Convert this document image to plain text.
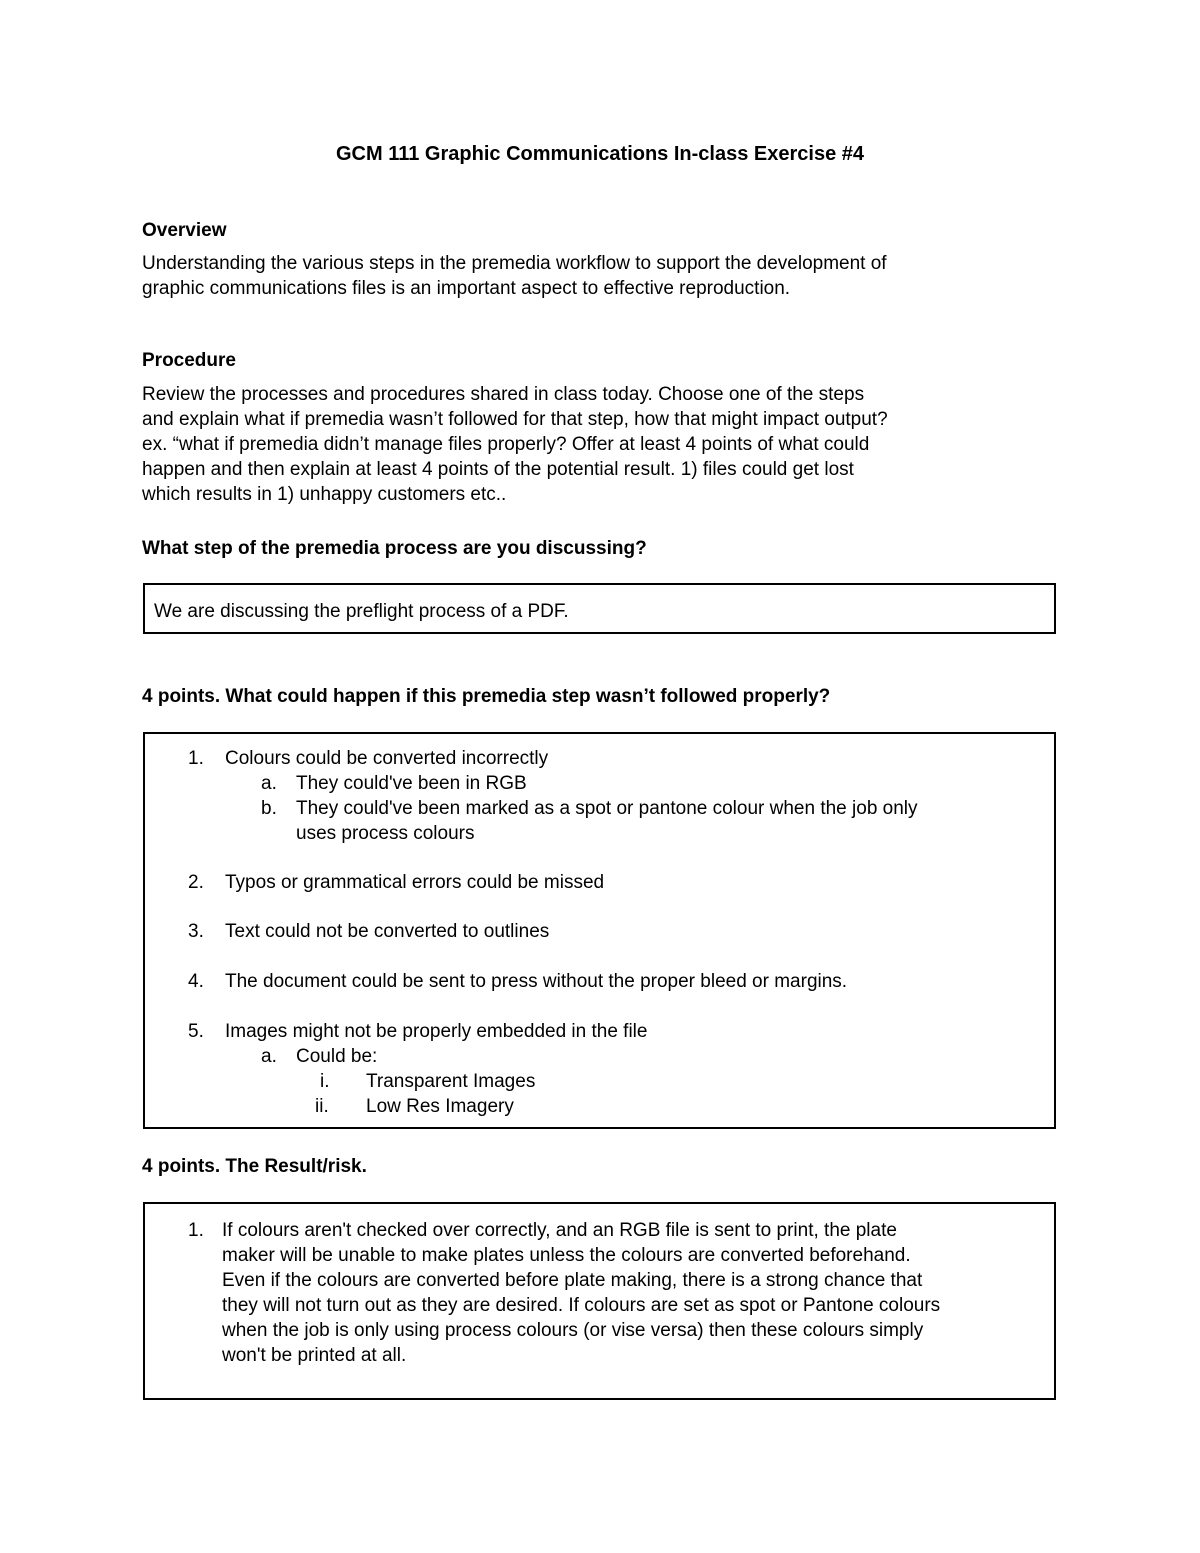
GCM 111 Graphic Communications In-class Exercise #4
Overview
Understanding the various steps in the premedia workflow to support the development of
graphic communications files is an important aspect to effective reproduction.
Procedure
Review the processes and procedures shared in class today. Choose one of the steps
and explain what if premedia wasn’t followed for that step, how that might impact output?
ex. “what if premedia didn’t manage files properly? Offer at least 4 points of what could
happen and then explain at least 4 points of the potential result. 1) files could get lost
which results in 1) unhappy customers etc..
What step of the premedia process are you discussing?
We are discussing the preflight process of a PDF.
4 points. What could happen if this premedia step wasn’t followed properly?
1. Colours could be converted incorrectly
a. They could've been in RGB
b. They could've been marked as a spot or pantone colour when the job only
uses process colours
2. Typos or grammatical errors could be missed
3. Text could not be converted to outlines
4. The document could be sent to press without the proper bleed or margins.
5. Images might not be properly embedded in the file
a. Could be:
i. Transparent Images
ii. Low Res Imagery
4 points. The Result/risk.
1. If colours aren't checked over correctly, and an RGB file is sent to print, the plate
maker will be unable to make plates unless the colours are converted beforehand.
Even if the colours are converted before plate making, there is a strong chance that
they will not turn out as they are desired. If colours are set as spot or Pantone colours
when the job is only using process colours (or vise versa) then these colours simply
won't be printed at all.
